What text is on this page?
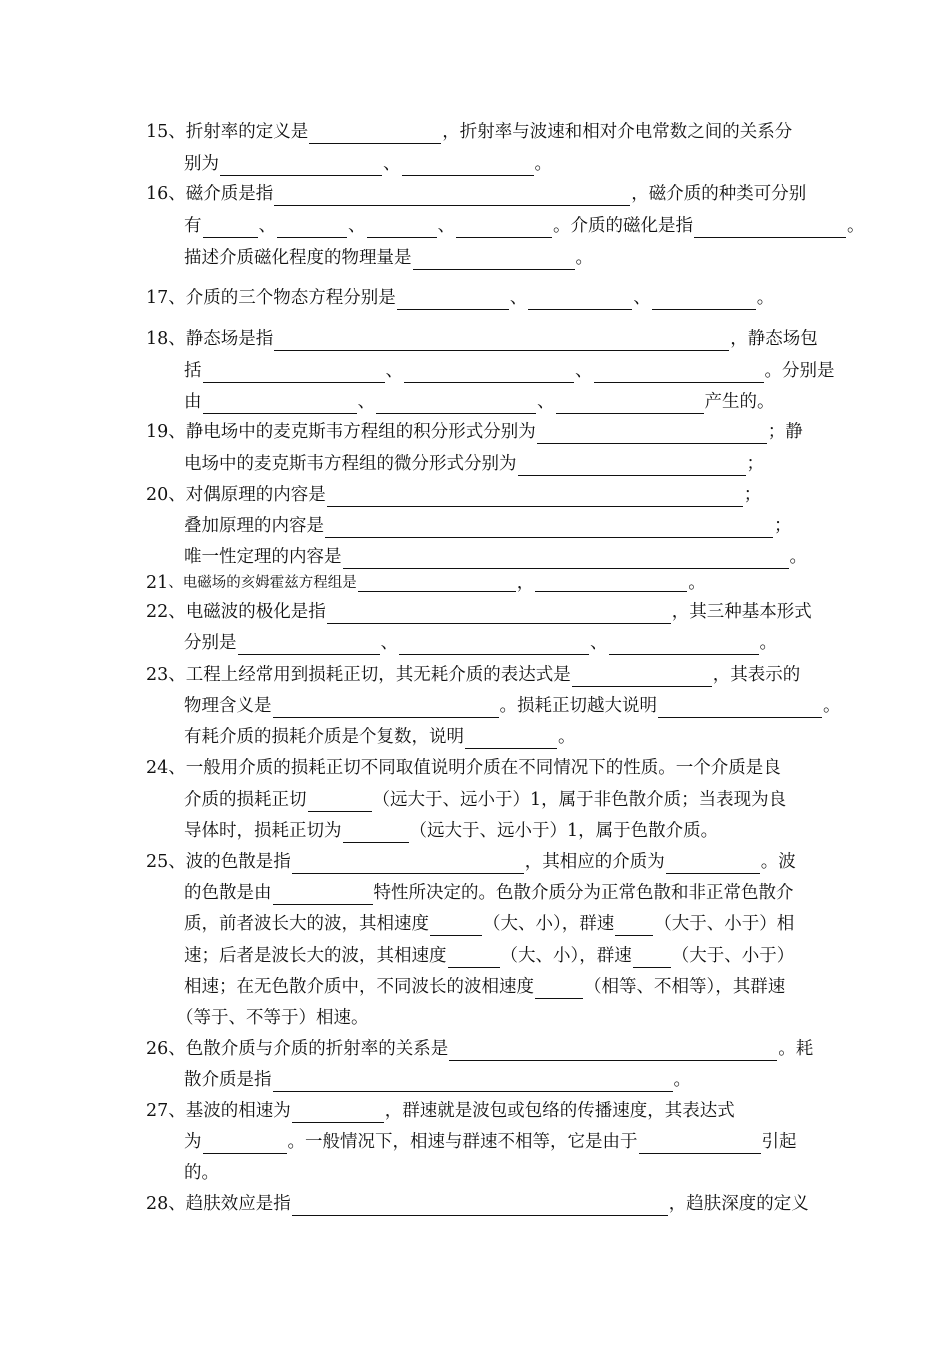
15、折射率的定义是	，折射率与波速和相对介电常数之间的关系分
别为	、	。
16、磁介质是指	，磁介质的种类可分别
有	、	、	、	。介质的磁化是指	。
描述介质磁化程度的物理量是	。
17、介质的三个物态方程分别是	、	、	。
18、静态场是指	，静态场包
括	、	、	。分别是
由	、	、	产生的。
19、静电场中的麦克斯韦方程组的积分形式分别为	；静
电场中的麦克斯韦方程组的微分形式分别为	；
20、对偶原理的内容是	；
叠加原理的内容是	；
唯一性定理的内容是	。
21 、电磁场的亥姆霍兹方程组是	，	。
22、电磁波的极化是指	，其三种基本形式
分别是	、	、	。
23、工程上经常用到损耗正切，其无耗介质的表达式是	，其表示的
物理含义是	。损耗正切越大说明	。
有耗介质的损耗介质是个复数，说明	。
24、一般用介质的损耗正切不同取值说明介质在不同情况下的性质。一个介质是良
介质的损耗正切	（远大于、远小于）1，属于非色散介质；当表现为良
导体时，损耗正切为	（远大于、远小于）1，属于色散介质。
25、波的色散是指	，其相应的介质为	。波
的色散是由	特性所决定的。色散介质分为正常色散和非正常色散介
质，前者波长大的波，其相速度	（大、小），群速 （大于、小于）相
速；后者是波长大的波，其相速度	（大、小），群速 （大于、小于）
相速；在无色散介质中，不同波长的波相速度	（相等、不相等），其群速
（等于、不等于）相速。
26、色散介质与介质的折射率的关系是	。耗
散介质是指	。
27、基波的相速为	，群速就是波包或包络的传播速度，其表达式
为	。一般情况下，相速与群速不相等，它是由于	引起
的。
28、趋肤效应是指	，趋肤深度的定义
